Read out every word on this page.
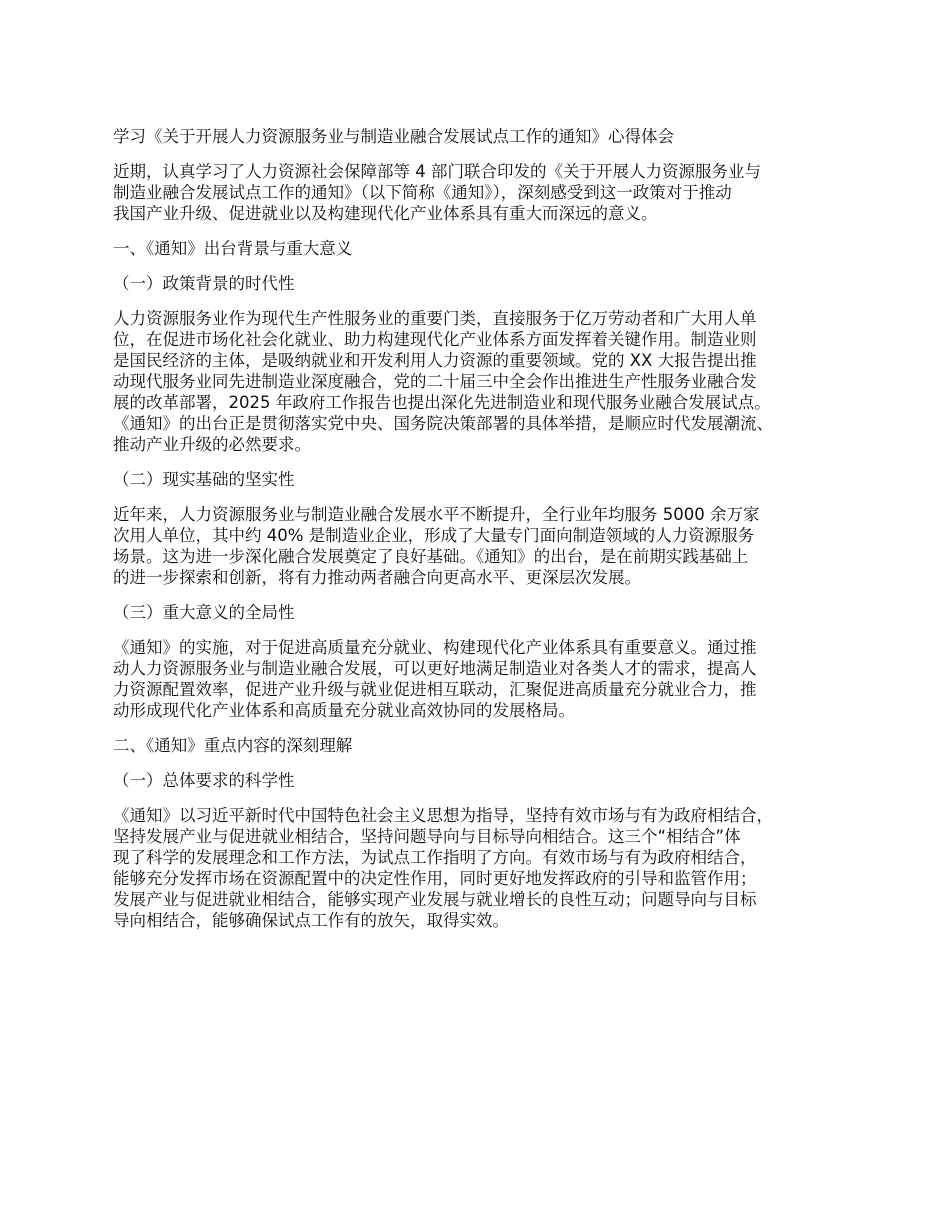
学习《关于开展人力资源服务业与制造业融合发展试点工作的通知》心得体会

近期，认真学习了人力资源社会保障部等 4 部门联合印发的《关于开展人力资源服务业与

制造业融合发展试点工作的通知》（以下简称《通知》），深刻感受到这一政策对于推动

我国产业升级、促进就业以及构建现代化产业体系具有重大而深远的意义。

一、《通知》出台背景与重大意义

（一）政策背景的时代性

人力资源服务业作为现代生产性服务业的重要门类，直接服务于亿万劳动者和广大用人单

位，在促进市场化社会化就业、助力构建现代化产业体系方面发挥着关键作用。制造业则

是国民经济的主体，是吸纳就业和开发利用人力资源的重要领域。党的 XX 大报告提出推

动现代服务业同先进制造业深度融合，党的二十届三中全会作出推进生产性服务业融合发

展的改革部署，2025 年政府工作报告也提出深化先进制造业和现代服务业融合发展试点。

《通知》的出台正是贯彻落实党中央、国务院决策部署的具体举措，是顺应时代发展潮流、

推动产业升级的必然要求。

（二）现实基础的坚实性

近年来，人力资源服务业与制造业融合发展水平不断提升，全行业年均服务 5000 余万家

次用人单位，其中约 40% 是制造业企业，形成了大量专门面向制造领域的人力资源服务

场景。这为进一步深化融合发展奠定了良好基础。《通知》的出台，是在前期实践基础上

的进一步探索和创新，将有力推动两者融合向更高水平、更深层次发展。

（三）重大意义的全局性

《通知》的实施，对于促进高质量充分就业、构建现代化产业体系具有重要意义。通过推

动人力资源服务业与制造业融合发展，可以更好地满足制造业对各类人才的需求，提高人

力资源配置效率，促进产业升级与就业促进相互联动，汇聚促进高质量充分就业合力，推

动形成现代化产业体系和高质量充分就业高效协同的发展格局。

二、《通知》重点内容的深刻理解

（一）总体要求的科学性

《通知》以习近平新时代中国特色社会主义思想为指导，坚持有效市场与有为政府相结合，

坚持发展产业与促进就业相结合，坚持问题导向与目标导向相结合。这三个“相结合”体

现了科学的发展理念和工作方法，为试点工作指明了方向。有效市场与有为政府相结合，

能够充分发挥市场在资源配置中的决定性作用，同时更好地发挥政府的引导和监管作用；

发展产业与促进就业相结合，能够实现产业发展与就业增长的良性互动；问题导向与目标

导向相结合，能够确保试点工作有的放矢，取得实效。
